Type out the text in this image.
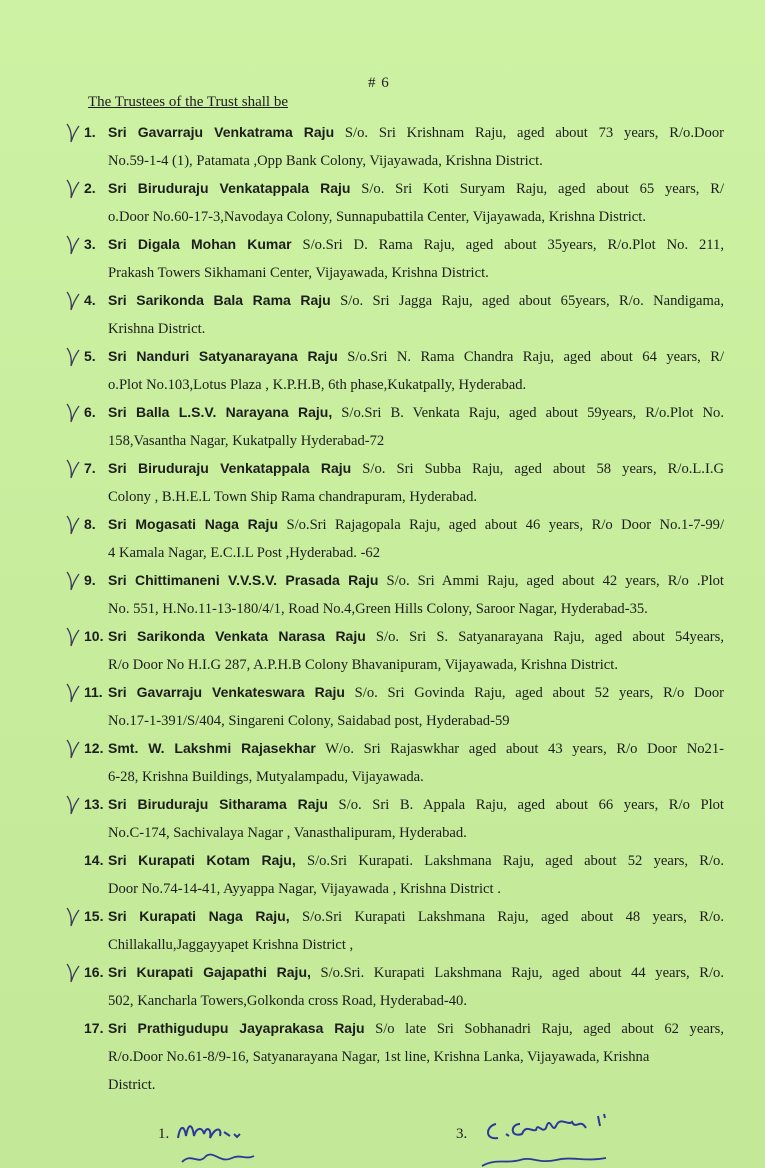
# 6
The Trustees of the Trust shall be
1. Sri Gavarraju Venkatrama Raju S/o. Sri Krishnam Raju, aged about 73 years, R/o.Door
No.59-1-4 (1), Patamata ,Opp Bank Colony, Vijayawada, Krishna District.
2. Sri Biruduraju Venkatappala Raju S/o. Sri Koti Suryam Raju, aged about 65 years, R/
o.Door No.60-17-3,Navodaya Colony, Sunnapubattila Center, Vijayawada, Krishna District.
3. Sri Digala Mohan Kumar S/o.Sri D. Rama Raju, aged about 35years, R/o.Plot No. 211,
Prakash Towers Sikhamani Center, Vijayawada, Krishna District.
4. Sri Sarikonda Bala Rama Raju S/o. Sri Jagga Raju, aged about 65years, R/o. Nandigama,
Krishna District.
5. Sri Nanduri Satyanarayana Raju S/o.Sri N. Rama Chandra Raju, aged about 64 years, R/
o.Plot No.103,Lotus Plaza , K.P.H.B, 6th phase,Kukatpally, Hyderabad.
6. Sri Balla L.S.V. Narayana Raju, S/o.Sri B. Venkata Raju, aged about 59years, R/o.Plot No.
158,Vasantha Nagar, Kukatpally Hyderabad-72
7. Sri Biruduraju Venkatappala Raju S/o. Sri Subba Raju, aged about 58 years, R/o.L.I.G
Colony , B.H.E.L Town Ship Rama chandrapuram, Hyderabad.
8. Sri Mogasati Naga Raju S/o.Sri Rajagopala Raju, aged about 46 years, R/o Door No.1-7-99/
4 Kamala Nagar, E.C.I.L Post ,Hyderabad. -62
9. Sri Chittimaneni V.V.S.V. Prasada Raju S/o. Sri Ammi Raju, aged about 42 years, R/o .Plot
No. 551, H.No.11-13-180/4/1, Road No.4,Green Hills Colony, Saroor Nagar, Hyderabad-35.
10. Sri Sarikonda Venkata Narasa Raju S/o. Sri S. Satyanarayana Raju, aged about 54years,
R/o Door No H.I.G 287, A.P.H.B Colony Bhavanipuram, Vijayawada, Krishna District.
11. Sri Gavarraju Venkateswara Raju S/o. Sri Govinda Raju, aged about 52 years, R/o Door
No.17-1-391/S/404, Singareni Colony, Saidabad post, Hyderabad-59
12. Smt. W. Lakshmi Rajasekhar W/o. Sri Rajaswkhar aged about 43 years, R/o Door No21-
6-28, Krishna Buildings, Mutyalampadu, Vijayawada.
13. Sri Biruduraju Sitharama Raju S/o. Sri B. Appala Raju, aged about 66 years, R/o Plot
No.C-174, Sachivalaya Nagar , Vanasthalipuram, Hyderabad.
14. Sri Kurapati Kotam Raju, S/o.Sri Kurapati. Lakshmana Raju, aged about 52 years, R/o.
Door No.74-14-41, Ayyappa Nagar, Vijayawada , Krishna District .
15. Sri Kurapati Naga Raju, S/o.Sri Kurapati Lakshmana Raju, aged about 48 years, R/o.
Chillakallu,Jaggayyapet Krishna District ,
16. Sri Kurapati Gajapathi Raju, S/o.Sri. Kurapati Lakshmana Raju, aged about 44 years, R/o.
502, Kancharla Towers,Golkonda cross Road, Hyderabad-40.
17. Sri Prathigudupu Jayaprakasa Raju S/o late Sri Sobhanadri Raju, aged about 62 years,
R/o.Door No.61-8/9-16, Satyanarayana Nagar, 1st line, Krishna Lanka, Vijayawada, Krishna
District.
1.	3.
